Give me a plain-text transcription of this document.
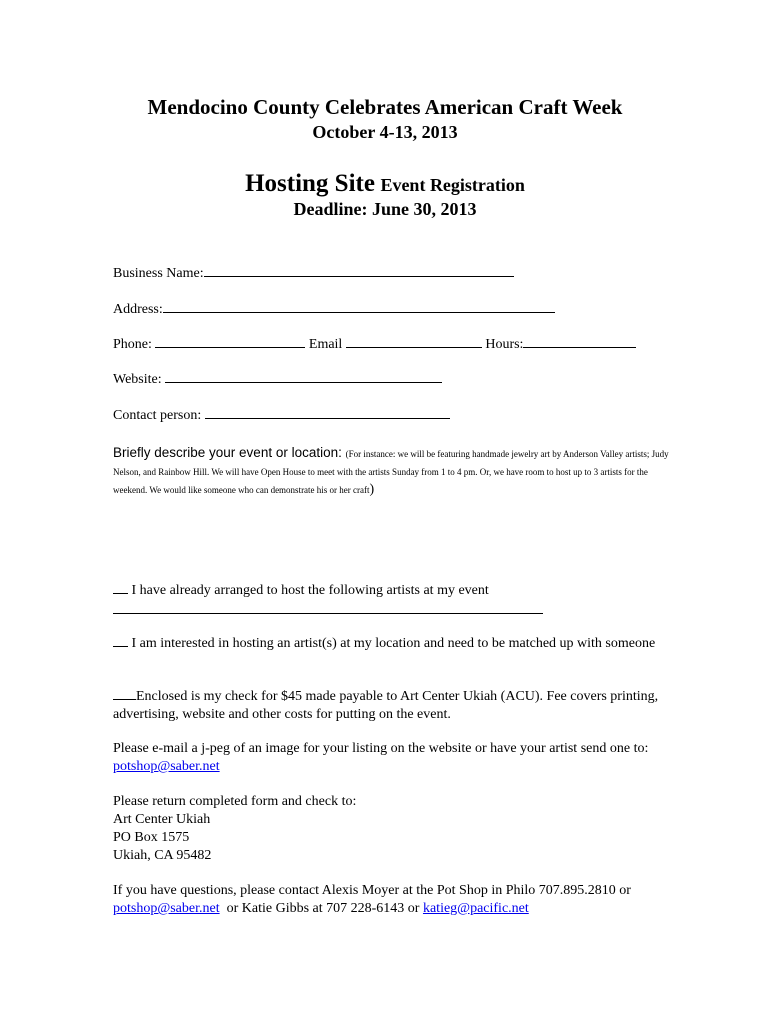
Mendocino County Celebrates American Craft Week
October 4-13, 2013
Hosting Site Event Registration
Deadline: June 30, 2013
Business Name:
Address:
Phone:	Email	Hours:
Website:
Contact person:
Briefly describe your event or location: (For instance: we will be featuring handmade jewelry art by Anderson Valley artists; Judy Nelson, and Rainbow Hill. We will have Open House to meet with the artists Sunday from 1 to 4 pm. Or, we have room to host up to 3 artists for the weekend. We would like someone who can demonstrate his or her craft)
I have already arranged to host the following artists at my event
I am interested in hosting an artist(s) at my location and need to be matched up with someone
Enclosed is my check for $45 made payable to Art Center Ukiah (ACU). Fee covers printing, advertising, website and other costs for putting on the event.
Please e-mail a j-peg of an image for your listing on the website or have your artist send one to: potshop@saber.net
Please return completed form and check to:
Art Center Ukiah
PO Box 1575
Ukiah, CA 95482
If you have questions, please contact Alexis Moyer at the Pot Shop in Philo 707.895.2810 or potshop@saber.net  or Katie Gibbs at 707 228-6143 or katieg@pacific.net
